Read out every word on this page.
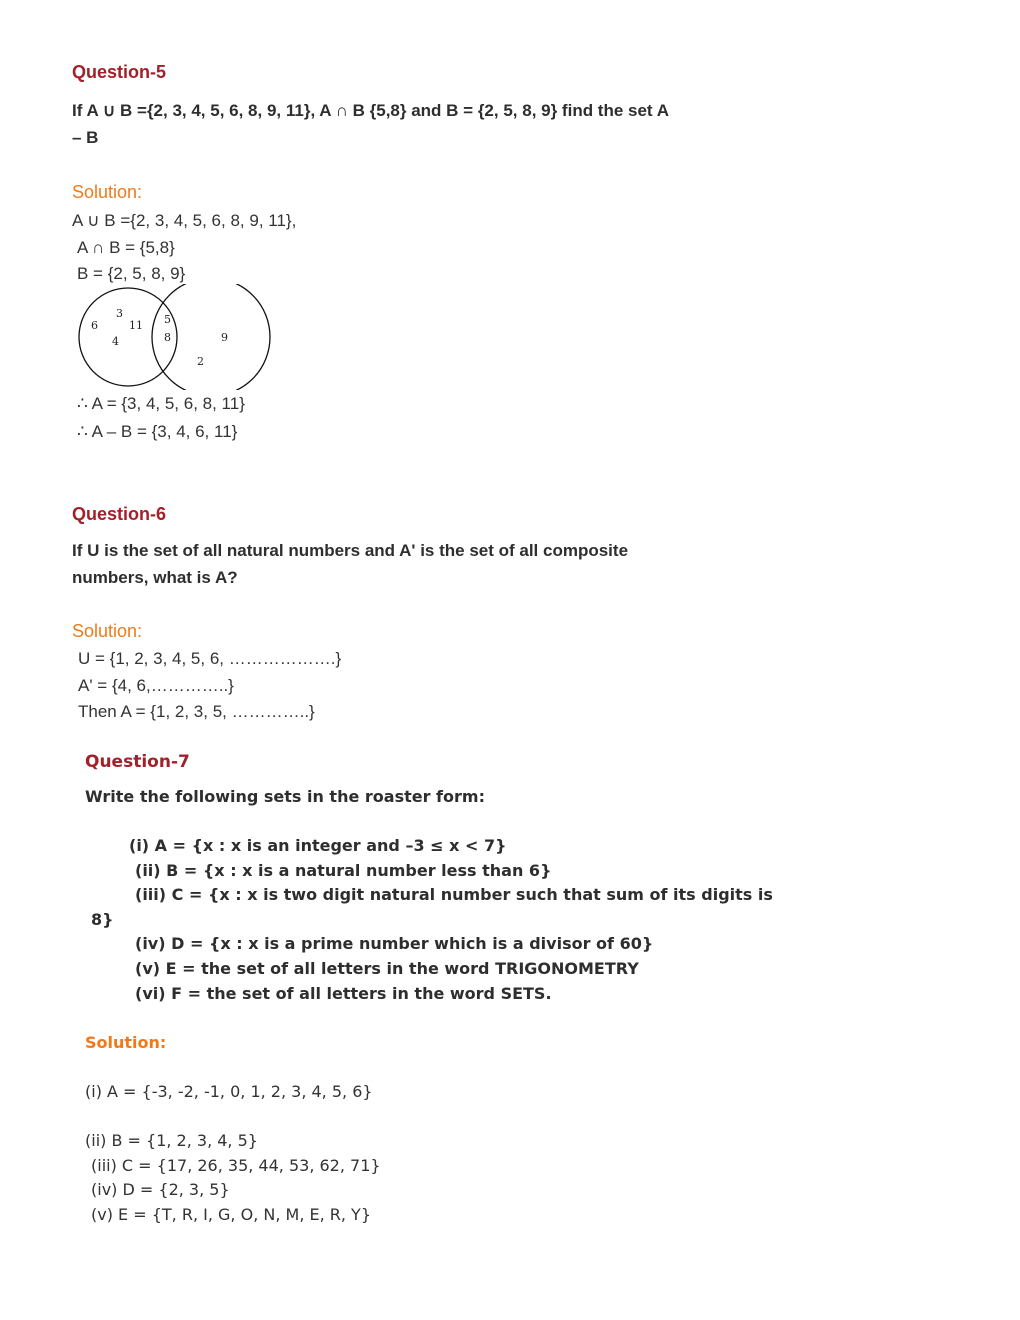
Question-5
If A ∪ B ={2, 3, 4, 5, 6, 8, 9, 11}, A ∩ B {5,8} and B = {2, 5, 8, 9} find the set A
– B
Solution:
A ∪ B ={2, 3, 4, 5, 6, 8, 9, 11},
A ∩ B = {5,8}
B = {2, 5, 8, 9}
6
3
11
4
5
8	9
2
∴ A = {3, 4, 5, 6, 8, 11}
∴ A – B = {3, 4, 6, 11}
Question-6
If U is the set of all natural numbers and A' is the set of all composite
numbers, what is A?
Solution:
U = {1, 2, 3, 4, 5, 6, ……………….}
A' = {4, 6,…………..}
Then A = {1, 2, 3, 5, …………..}
Question-7
Write the following sets in the roaster form:
(i) A = {x : x is an integer and –3 ≤ x < 7}
(ii) B = {x : x is a natural number less than 6}
(iii) C = {x : x is two digit natural number such that sum of its digits is
8}
(iv) D = {x : x is a prime number which is a divisor of 60}
(v) E = the set of all letters in the word TRIGONOMETRY
(vi) F = the set of all letters in the word SETS.
Solution:
(i) A = {-3, -2, -1, 0, 1, 2, 3, 4, 5, 6}
(ii) B = {1, 2, 3, 4, 5}
(iii) C = {17, 26, 35, 44, 53, 62, 71}
(iv) D = {2, 3, 5}
(v) E = {T, R, I, G, O, N, M, E, R, Y}
